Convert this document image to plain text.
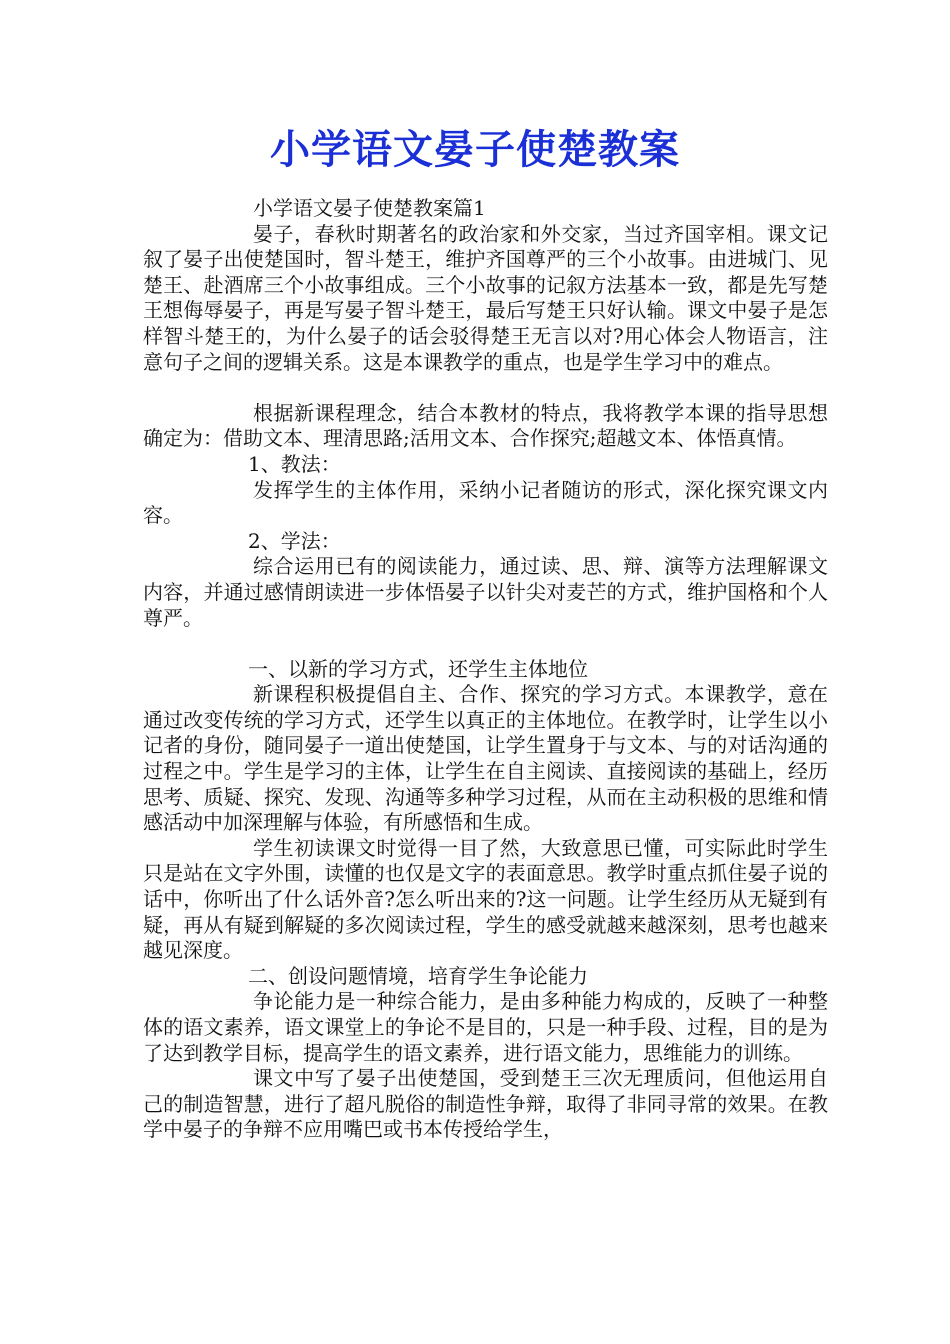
小学语文晏子使楚教案

小学语文晏子使楚教案篇1

晏子，春秋时期著名的政治家和外交家，当过齐国宰相。课文记叙了晏子出使楚国时，智斗楚王，维护齐国尊严的三个小故事。由进城门、见楚王、赴酒席三个小故事组成。三个小故事的记叙方法基本一致，都是先写楚王想侮辱晏子，再是写晏子智斗楚王，最后写楚王只好认输。课文中晏子是怎样智斗楚王的，为什么晏子的话会驳得楚王无言以对?用心体会人物语言，注意句子之间的逻辑关系。这是本课教学的重点，也是学生学习中的难点。

根据新课程理念，结合本教材的特点，我将教学本课的指导思想确定为：借助文本、理清思路;活用文本、合作探究;超越文本、体悟真情。

1、教法：

发挥学生的主体作用，采纳小记者随访的形式，深化探究课文内容。

2、学法：

综合运用已有的阅读能力，通过读、思、辩、演等方法理解课文内容，并通过感情朗读进一步体悟晏子以针尖对麦芒的方式，维护国格和个人尊严。

一、以新的学习方式，还学生主体地位

新课程积极提倡自主、合作、探究的学习方式。本课教学，意在通过改变传统的学习方式，还学生以真正的主体地位。在教学时，让学生以小记者的身份，随同晏子一道出使楚国，让学生置身于与文本、与的对话沟通的过程之中。学生是学习的主体，让学生在自主阅读、直接阅读的基础上，经历思考、质疑、探究、发现、沟通等多种学习过程，从而在主动积极的思维和情感活动中加深理解与体验，有所感悟和生成。

学生初读课文时觉得一目了然，大致意思已懂，可实际此时学生只是站在文字外围，读懂的也仅是文字的表面意思。教学时重点抓住晏子说的话中，你听出了什么话外音?怎么听出来的?这一问题。让学生经历从无疑到有疑，再从有疑到解疑的多次阅读过程，学生的感受就越来越深刻，思考也越来越见深度。

二、创设问题情境，培育学生争论能力

争论能力是一种综合能力，是由多种能力构成的，反映了一种整体的语文素养，语文课堂上的争论不是目的，只是一种手段、过程，目的是为了达到教学目标，提高学生的语文素养，进行语文能力，思维能力的训练。

课文中写了晏子出使楚国，受到楚王三次无理质问，但他运用自己的制造智慧，进行了超凡脱俗的制造性争辩，取得了非同寻常的效果。在教学中晏子的争辩不应用嘴巴或书本传授给学生，
